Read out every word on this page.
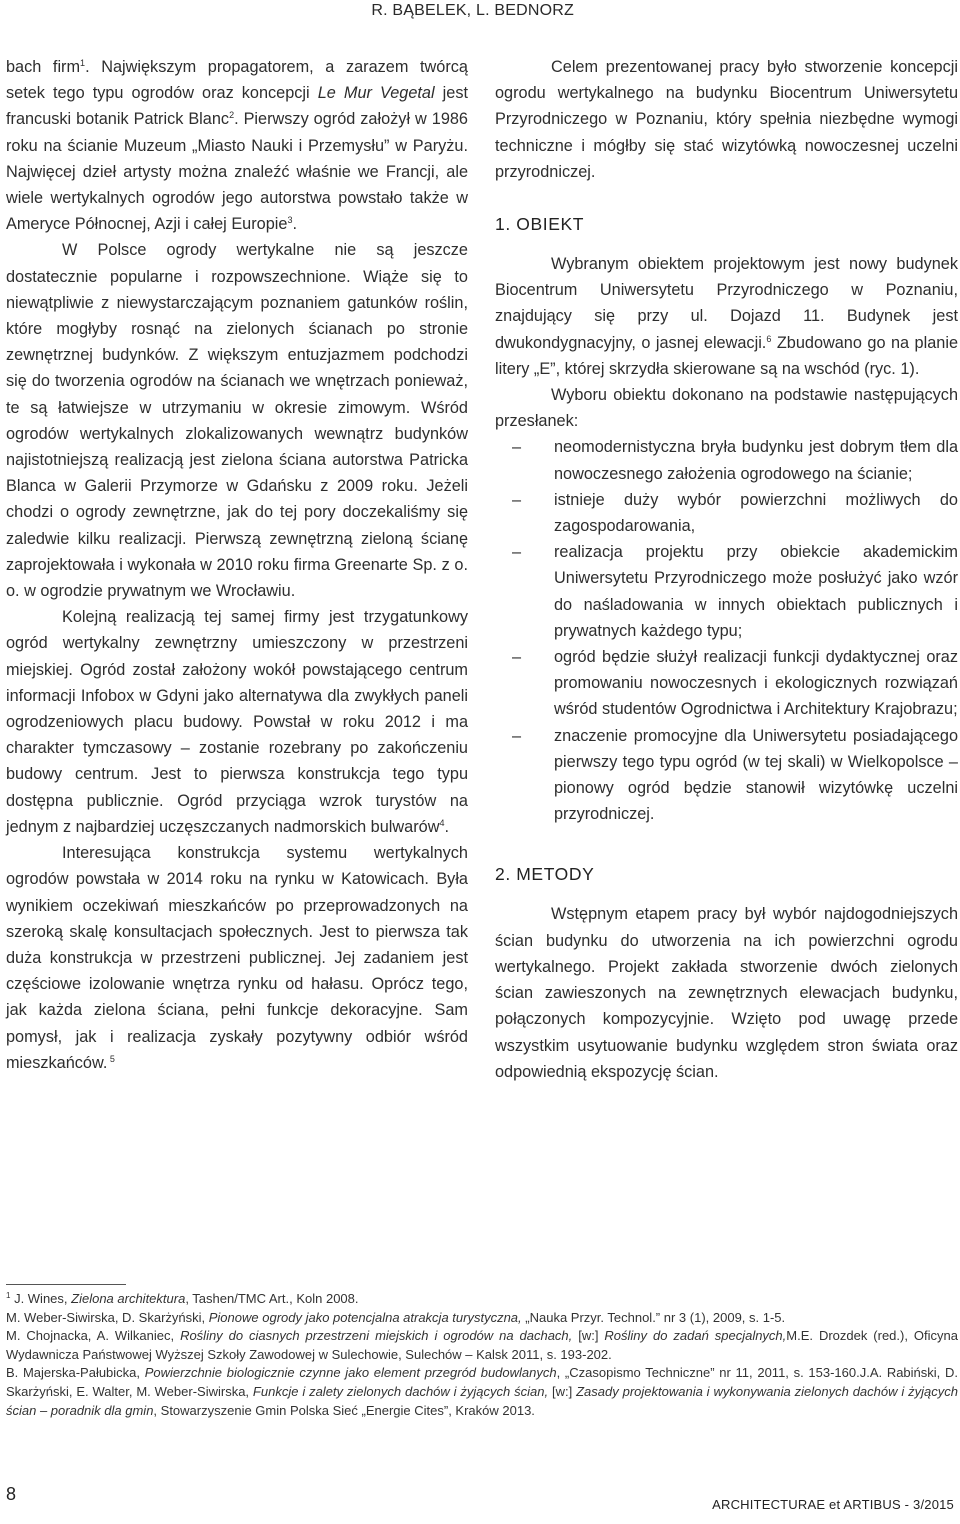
R. BĄBELEK, L. BEDNORZ

bach firm$^1$. Największym propagatorem, a zarazem twórcą setek tego typu ogrodów oraz koncepcji Le Mur Vegetal jest francuski botanik Patrick Blanc$^2$. Pierwszy ogród założył w 1986 roku na ścianie Muzeum „Miasto Nauki i Przemysłu” w Paryżu. Najwięcej dzieł artysty można znaleźć właśnie we Francji, ale wiele wertykalnych ogrodów jego autorstwa powstało także w Ameryce Północnej, Azji i całej Europie$^3$.

W Polsce ogrody wertykalne nie są jeszcze dostatecznie popularne i rozpowszechnione. Wiąże się to niewątpliwie z niewystarczającym poznaniem gatunków roślin, które mogłyby rosnąć na zielonych ścianach po stronie zewnętrznej budynków. Z większym entuzjazmem podchodzi się do tworzenia ogrodów na ścianach we wnętrzach ponieważ, te są łatwiejsze w utrzymaniu w okresie zimowym. Wśród ogrodów wertykalnych zlokalizowanych wewnątrz budynków najistotniejszą realizacją jest zielona ściana autorstwa Patricka Blanca w Galerii Przymorze w Gdańsku z 2009 roku. Jeżeli chodzi o ogrody zewnętrzne, jak do tej pory doczekaliśmy się zaledwie kilku realizacji. Pierwszą zewnętrzną zieloną ścianę zaprojektowała i wykonała w 2010 roku firma Greenarte Sp. z o. o. w ogrodzie prywatnym we Wrocławiu.

Kolejną realizacją tej samej firmy jest trzygatunkowy ogród wertykalny zewnętrzny umieszczony w przestrzeni miejskiej. Ogród został założony wokół powstającego centrum informacji Infobox w Gdyni jako alternatywa dla zwykłych paneli ogrodzeniowych placu budowy. Powstał w roku 2012 i ma charakter tymczasowy – zostanie rozebrany po zakończeniu budowy centrum. Jest to pierwsza konstrukcja tego typu dostępna publicznie. Ogród przyciąga wzrok turystów na jednym z najbardziej uczęszczanych nadmorskich bulwarów$^4$.

Interesująca konstrukcja systemu wertykalnych ogrodów powstała w 2014 roku na rynku w Katowicach. Była wynikiem oczekiwań mieszkańców po przeprowadzonych na szeroką skalę konsultacjach społecznych. Jest to pierwsza tak duża konstrukcja w przestrzeni publicznej. Jej zadaniem jest częściowe izolowanie wnętrza rynku od hałasu. Oprócz tego, jak każda zielona ściana, pełni funkcje dekoracyjne. Sam pomysł, jak i realizacja zyskały pozytywny odbiór wśród mieszkańców. $^5$

Celem prezentowanej pracy było stworzenie koncepcji ogrodu wertykalnego na budynku Biocentrum Uniwersytetu Przyrodniczego w Poznaniu, który spełnia niezbędne wymogi techniczne i mógłby się stać wizytówką nowoczesnej uczelni przyrodniczej.

1. OBIEKT

Wybranym obiektem projektowym jest nowy budynek Biocentrum Uniwersytetu Przyrodniczego w Poznaniu, znajdujący się przy ul. Dojazd 11. Budynek jest dwukondygnacyjny, o jasnej elewacji.$^6$ Zbudowano go na planie litery „E”, której skrzydła skierowane są na wschód (ryc. 1).

Wyboru obiektu dokonano na podstawie następujących przesłanek:

– neomodernistyczna bryła budynku jest dobrym tłem dla nowoczesnego założenia ogrodowego na ścianie;
– istnieje duży wybór powierzchni możliwych do zagospodarowania,
– realizacja projektu przy obiekcie akademickim Uniwersytetu Przyrodniczego może posłużyć jako wzór do naśladowania w innych obiektach publicznych i prywatnych każdego typu;
– ogród będzie służył realizacji funkcji dydaktycznej oraz promowaniu nowoczesnych i ekologicznych rozwiązań wśród studentów Ogrodnictwa i Architektury Krajobrazu;
– znaczenie promocyjne dla Uniwersytetu posiadającego pierwszy tego typu ogród (w tej skali) w Wielkopolsce – pionowy ogród będzie stanowił wizytówkę uczelni przyrodniczej.
2. METODY

Wstępnym etapem pracy był wybór najdogodniejszych ścian budynku do utworzenia na ich powierzchni ogrodu wertykalnego. Projekt zakłada stworzenie dwóch zielonych ścian zawieszonych na zewnętrznych elewacjach budynku, połączonych kompozycyjnie. Wzięto pod uwagę przede wszystkim usytuowanie budynku względem stron świata oraz odpowiednią ekspozycję ścian.

$^1$ J. Wines, Zielona architektura, Tashen/TMC Art., Koln 2008.

M. Weber-Siwirska, D. Skarżyński, Pionowe ogrody jako potencjalna atrakcja turystyczna, „Nauka Przyr. Technol.” nr 3 (1), 2009, s. 1-5.

M. Chojnacka, A. Wilkaniec, Rośliny do ciasnych przestrzeni miejskich i ogrodów na dachach, [w:] Rośliny do zadań specjalnych,M.E. Drozdek (red.), Oficyna Wydawnicza Państwowej Wyższej Szkoły Zawodowej w Sulechowie, Sulechów – Kalsk 2011, s. 193-202.

B. Majerska-Pałubicka, Powierzchnie biologicznie czynne jako element przegród budowlanych, „Czasopismo Techniczne” nr 11, 2011, s. 153-160.J.A. Rabiński, D. Skarżyński, E. Walter, M. Weber-Siwirska, Funkcje i zalety zielonych dachów i żyjących ścian, [w:] Zasady projektowania i wykonywania zielonych dachów i żyjących ścian – poradnik dla gmin, Stowarzyszenie Gmin Polska Sieć „Energie Cites”, Kraków 2013.

8
ARCHITECTURAE et ARTIBUS - 3/2015
